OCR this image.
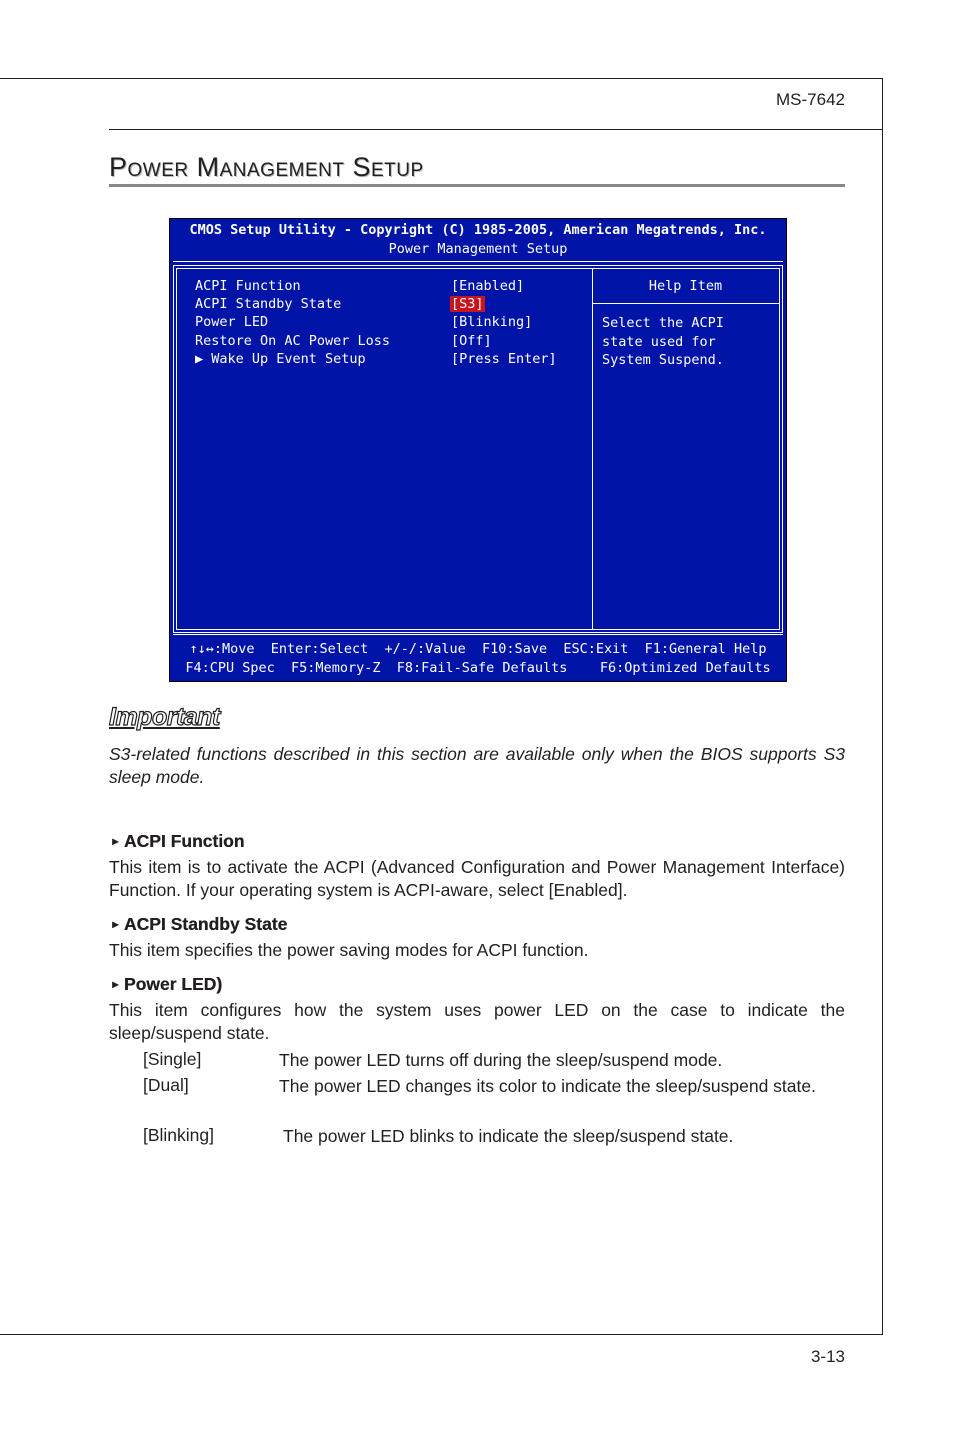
MS-7642
Power Management Setup
CMOS Setup Utility - Copyright (C) 1985-2005, American Megatrends, Inc.
Power Management Setup
ACPI Function	[Enabled]
ACPI Standby State	[S3]
Power LED	[Blinking]
Restore On AC Power Loss	[Off]
▶ Wake Up Event Setup	[Press Enter]
Help Item
Select the ACPI
state used for
System Suspend.
↑↓↔:Move  Enter:Select  +/-/:Value  F10:Save  ESC:Exit  F1:General Help
F4:CPU Spec  F5:Memory-Z  F8:Fail-Safe Defaults    F6:Optimized Defaults
Important
S3-related functions described in this section are available only when the BIOS supports S3 sleep mode.
► ACPI Function
This item is to activate the ACPI (Advanced Configuration and Power Management Interface) Function. If your operating system is ACPI-aware, select [Enabled].
► ACPI Standby State
This item specifies the power saving modes for ACPI function.
► Power LED)
This item configures how the system uses power LED on the case to indicate the sleep/suspend state.
[Single]	The power LED turns off during the sleep/suspend mode.
[Dual]	The power LED changes its color to indicate the sleep/suspend state.
[Blinking]	The power LED blinks to indicate the sleep/suspend state.
3-13
